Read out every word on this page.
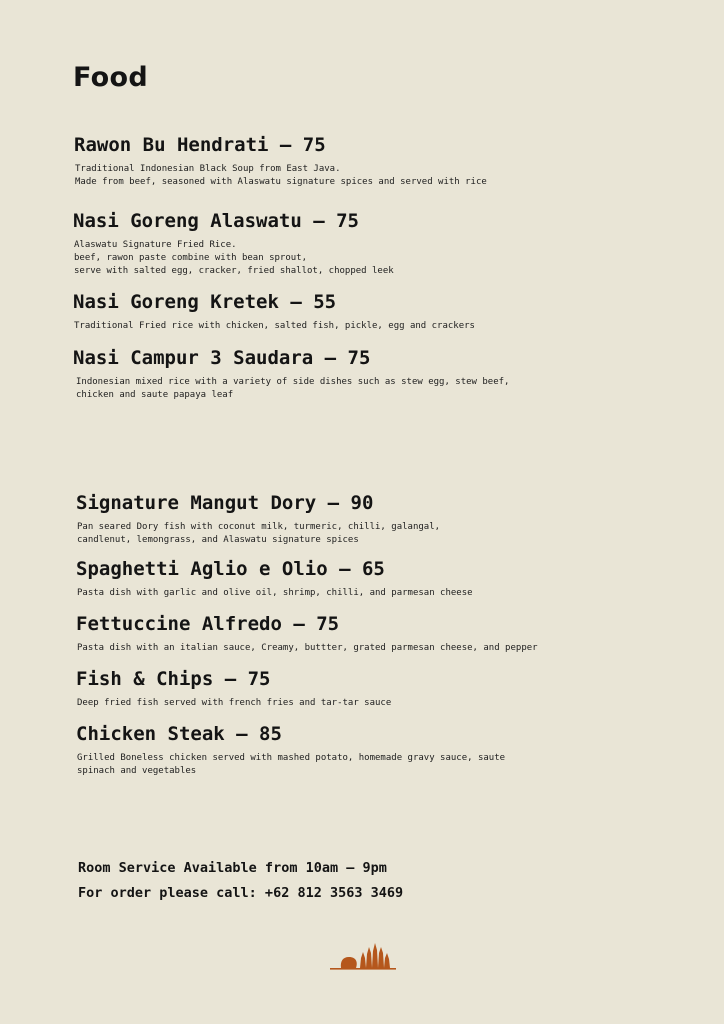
Food
Rawon Bu Hendrati – 75
Traditional Indonesian Black Soup from East Java.
Made from beef, seasoned with Alaswatu signature spices and served with rice
Nasi Goreng Alaswatu – 75
Alaswatu Signature Fried Rice.
beef, rawon paste combine with bean sprout,
serve with salted egg, cracker, fried shallot, chopped leek
Nasi Goreng Kretek – 55
Traditional Fried rice with chicken, salted fish, pickle, egg and crackers
Nasi Campur 3 Saudara – 75
Indonesian mixed rice with a variety of side dishes such as stew egg, stew beef,
chicken and saute papaya leaf
Signature Mangut Dory – 90
Pan seared Dory fish with coconut milk, turmeric, chilli, galangal,
candlenut, lemongrass, and Alaswatu signature spices
Spaghetti Aglio e Olio – 65
Pasta dish with garlic and olive oil, shrimp, chilli, and parmesan cheese
Fettuccine Alfredo – 75
Pasta dish with an italian sauce, Creamy, buttter, grated parmesan cheese, and pepper
Fish & Chips – 75
Deep fried fish served with french fries and tar-tar sauce
Chicken Steak – 85
Grilled Boneless chicken served with mashed potato, homemade gravy sauce, saute
spinach and vegetables
Room Service Available from 10am – 9pm
For order please call: +62 812 3563 3469
